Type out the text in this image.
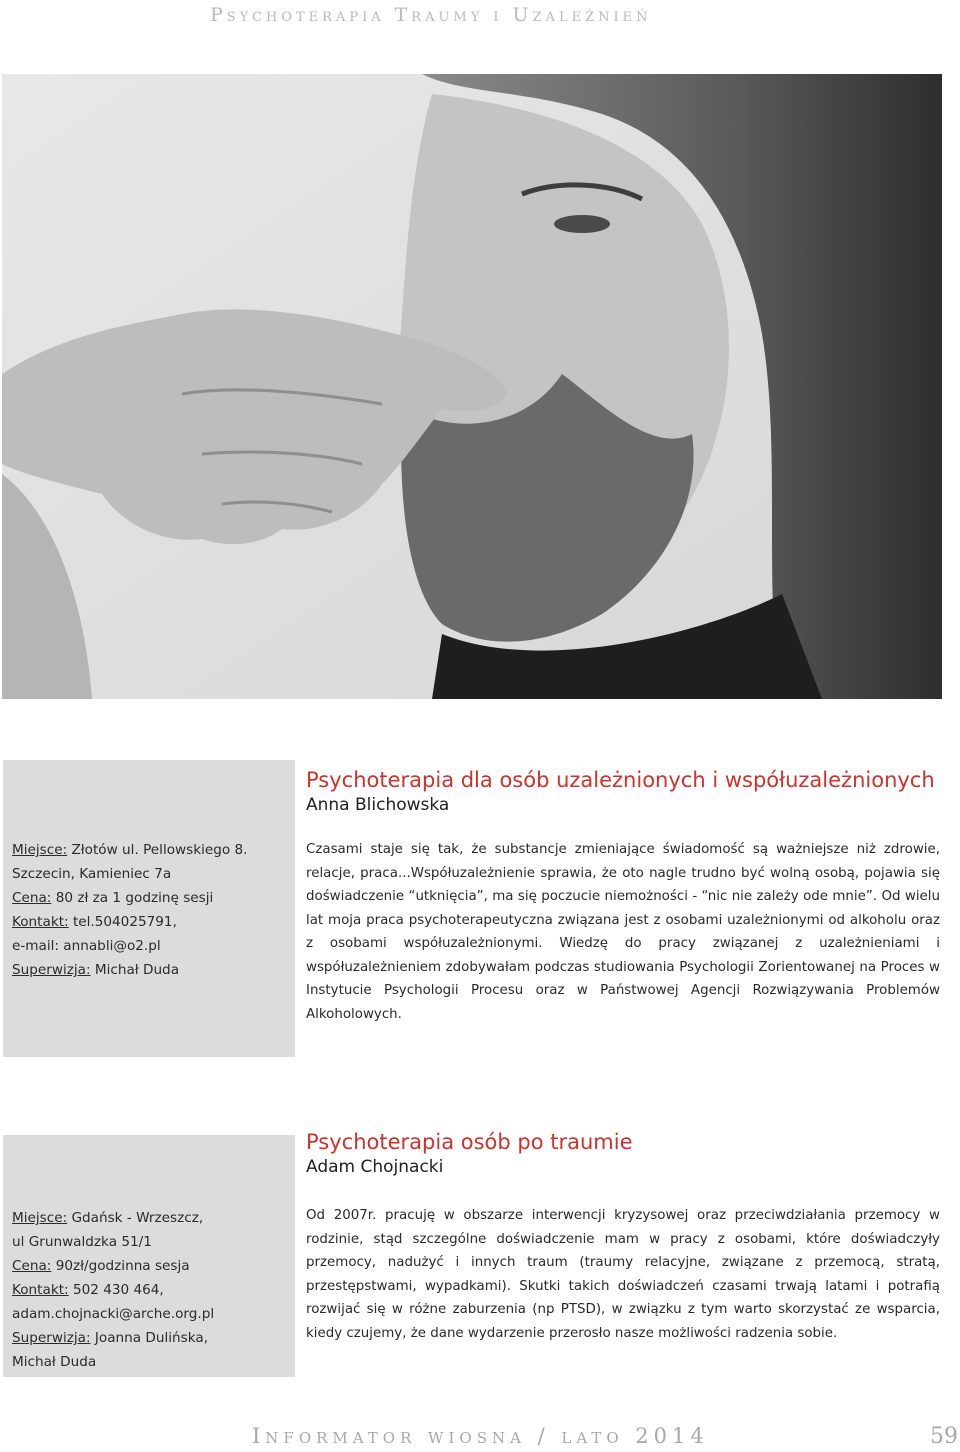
Psychoterapia Traumy i Uzależnień
Psychoterapia dla osób uzależnionych i współuzależnionych
Anna Blichowska
Miejsce: Złotów ul. Pellowskiego 8.
Szczecin, Kamieniec 7a
Cena: 80 zł za 1 godzinę sesji
Kontakt: tel.504025791,
e-mail: annabli@o2.pl
Superwizja: Michał Duda
Czasami staje się tak, że substancje zmieniające świadomość są ważniejsze niż zdrowie, relacje, praca...Współuzależnienie sprawia, że oto nagle trudno być wolną osobą, pojawia się doświadczenie “utknięcia”, ma się poczucie niemożności - “nic nie zależy ode mnie”. Od wielu lat moja praca psychoterapeutyczna związana jest z osobami uzależnionymi od alkoholu oraz z osobami współuzależnionymi. Wiedzę do pracy związanej z uzależnieniami i współuzależnieniem zdobywałam podczas studiowania Psychologii Zorientowanej na Proces w Instytucie Psychologii Procesu oraz w Państwowej Agencji Rozwiązywania Problemów Alkoholowych.
Psychoterapia osób po traumie
Adam Chojnacki
Miejsce: Gdańsk - Wrzeszcz,
ul Grunwaldzka 51/1
Cena: 90zł/godzinna sesja
Kontakt: 502 430 464,
adam.chojnacki@arche.org.pl
Superwizja: Joanna Dulińska,
Michał Duda
Od 2007r. pracuję w obszarze interwencji kryzysowej oraz przeciwdziałania przemocy w rodzinie, stąd szczególne doświadczenie mam w pracy z osobami, które doświadczyły przemocy, nadużyć i innych traum (traumy relacyjne, związane z przemocą, stratą, przestępstwami, wypadkami). Skutki takich doświadczeń czasami trwają latami i potrafią rozwijać się w różne zaburzenia (np PTSD), w związku z tym warto skorzystać ze wsparcia, kiedy czujemy, że dane wydarzenie przerosło nasze możliwości radzenia sobie.
Informator wiosna / lato 2014	59
